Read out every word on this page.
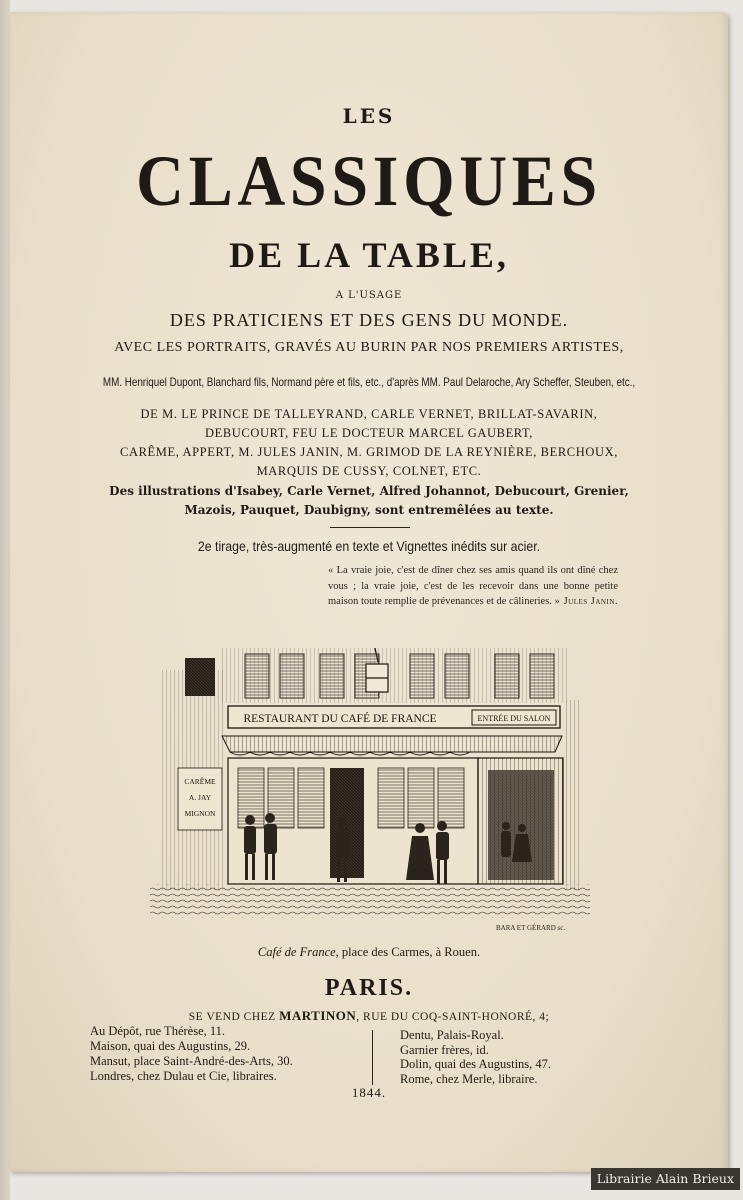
LES
CLASSIQUES
DE LA TABLE,
A L'USAGE
DES PRATICIENS ET DES GENS DU MONDE.
AVEC LES PORTRAITS, GRAVÉS AU BURIN PAR NOS PREMIERS ARTISTES,
MM. Henriquel Dupont, Blanchard fils, Normand père et fils, etc., d'après MM. Paul Delaroche, Ary Scheffer, Steuben, etc.,
DE M. LE PRINCE DE TALLEYRAND, CARLE VERNET, BRILLAT-SAVARIN,
DEBUCOURT, FEU LE DOCTEUR MARCEL GAUBERT,
CARÊME, APPERT, M. JULES JANIN, M. GRIMOD DE LA REYNIÈRE, BERCHOUX,
MARQUIS DE CUSSY, COLNET, ETC.
Des illustrations d'Isabey, Carle Vernet, Alfred Johannot, Debucourt, Grenier,
Mazois, Pauquet, Daubigny, sont entremêlées au texte.
2e tirage, très-augmenté en texte et Vignettes inédits sur acier.
« La vraie joie, c'est de dîner chez ses amis quand ils ont dîné chez vous ; la vraie joie, c'est de les recevoir dans une bonne petite maison toute remplie de prévenances et de câlineries. » Jules Janin.
RESTAURANT DU CAFÉ DE FRANCE	ENTRÉE DU SALON
CARÊME
A. JAY
MIGNON
BARA ET GÉRARD sc.
Café de France, place des Carmes, à Rouen.
PARIS.
SE VEND CHEZ MARTINON, RUE DU COQ-SAINT-HONORÉ, 4;
Au Dépôt, rue Thérèse, 11.
Maison, quai des Augustins, 29.
Mansut, place Saint-André-des-Arts, 30.
Londres, chez Dulau et Cie, libraires.
Dentu, Palais-Royal.
Garnier frères, id.
Dolin, quai des Augustins, 47.
Rome, chez Merle, libraire.
1844.
Librairie Alain Brieux
